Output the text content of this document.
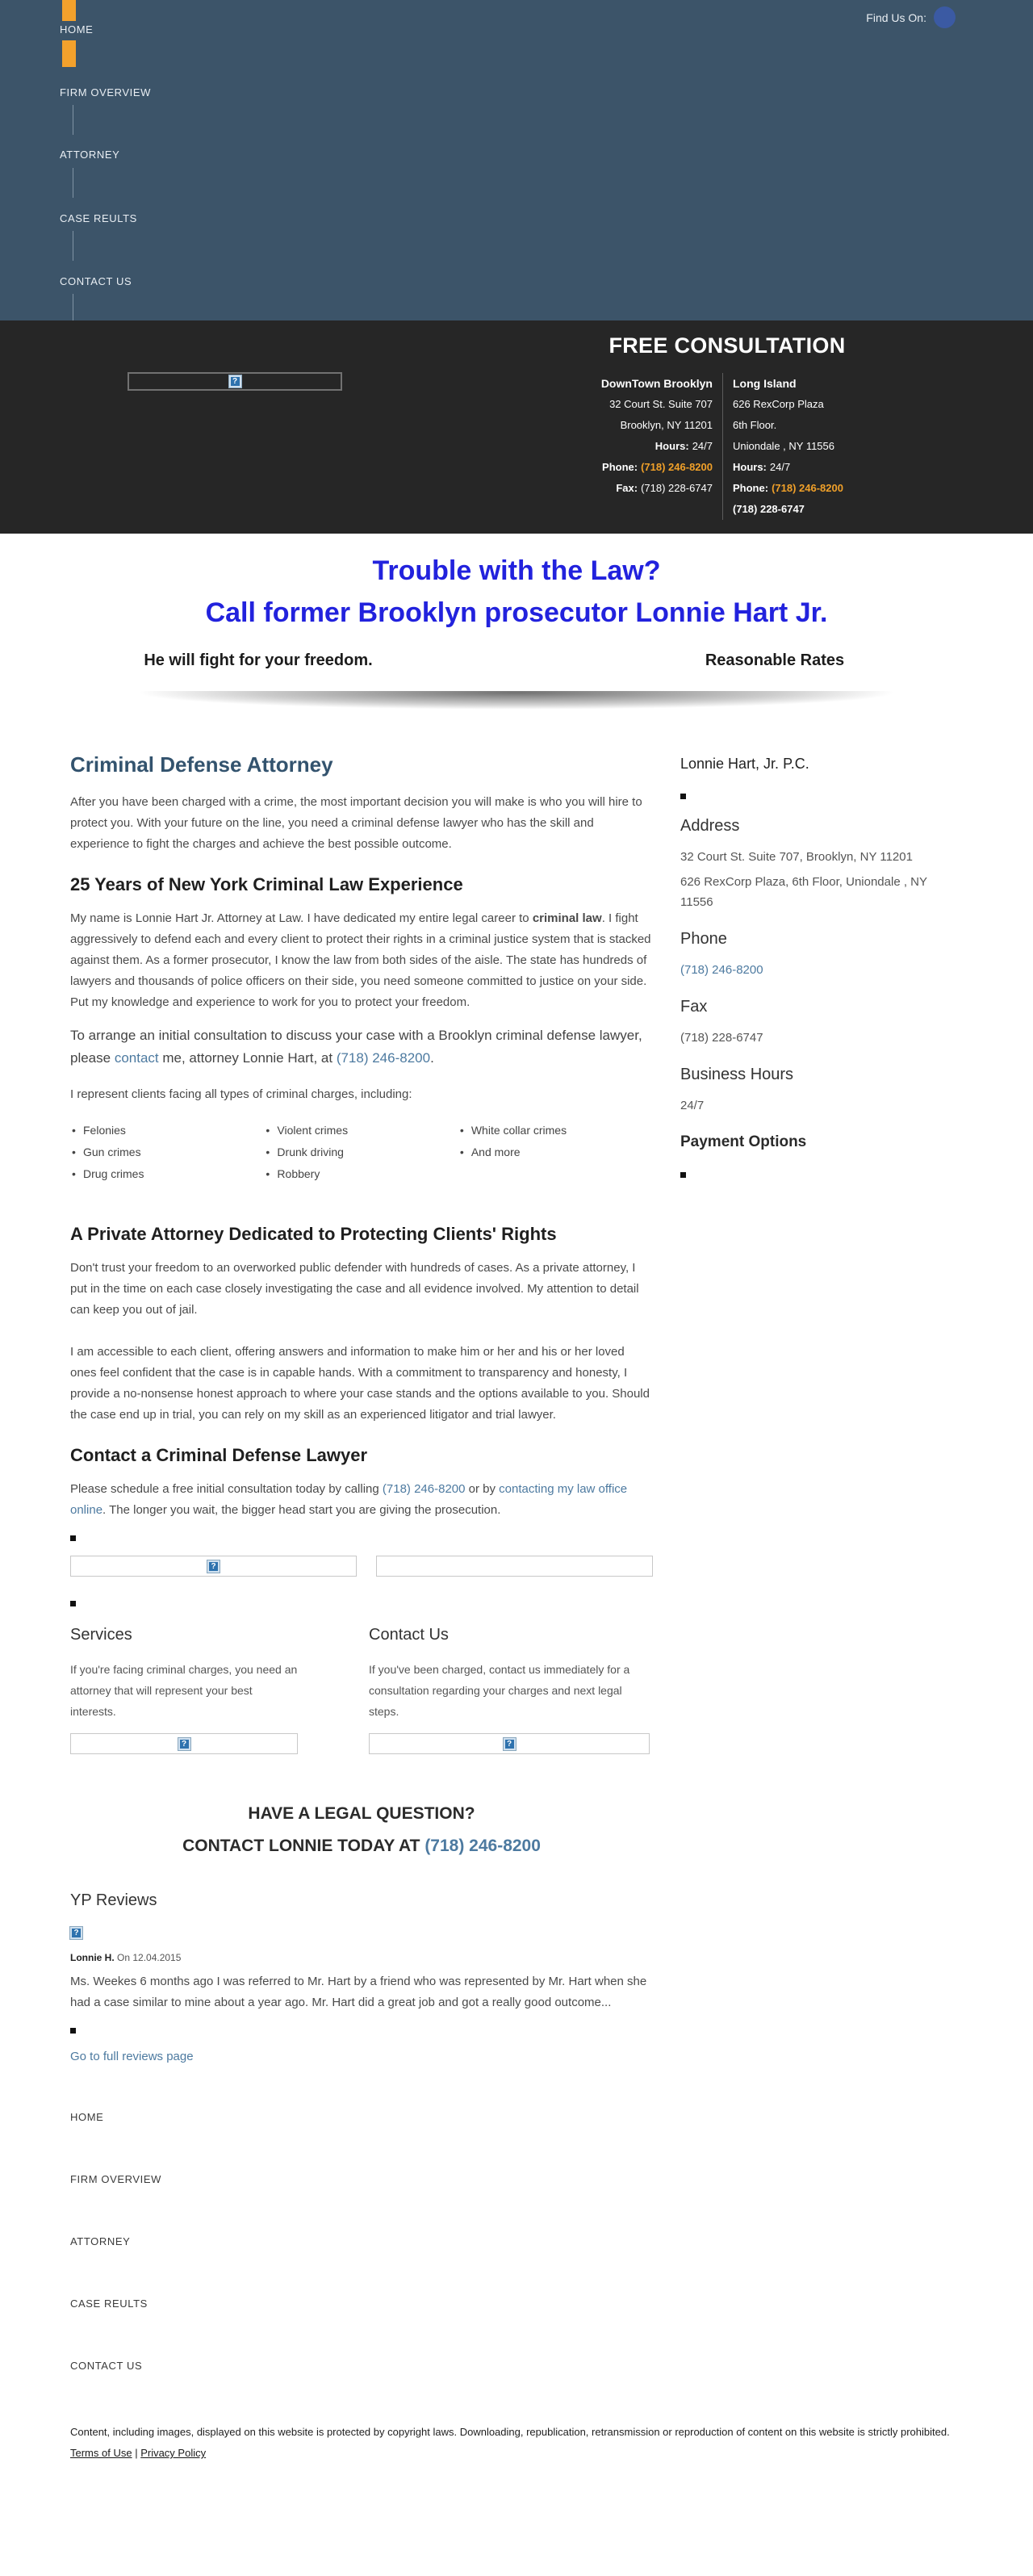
HOME
FIRM OVERVIEW
ATTORNEY
CASE REULTS
CONTACT US
Find Us On:
?
FREE CONSULTATION
DownTown Brooklyn
32 Court St. Suite 707
Brooklyn, NY 11201
Hours: 24/7
Phone: (718) 246-8200
Fax: (718) 228-6747
Long Island
626 RexCorp Plaza
6th Floor.
Uniondale , NY 11556
Hours: 24/7
Phone: (718) 246-8200
(718) 228-6747
Trouble with the Law?
Call former Brooklyn prosecutor Lonnie Hart Jr.
He will fight for your freedom.	Reasonable Rates
Criminal Defense Attorney

After you have been charged with a crime, the most important decision you will make is who you will hire to protect you. With your future on the line, you need a criminal defense lawyer who has the skill and experience to fight the charges and achieve the best possible outcome.

25 Years of New York Criminal Law Experience

My name is Lonnie Hart Jr. Attorney at Law. I have dedicated my entire legal career to criminal law. I fight aggressively to defend each and every client to protect their rights in a criminal justice system that is stacked against them. As a former prosecutor, I know the law from both sides of the aisle. The state has hundreds of lawyers and thousands of police officers on their side, you need someone committed to justice on your side. Put my knowledge and experience to work for you to protect your freedom.

To arrange an initial consultation to discuss your case with a Brooklyn criminal defense lawyer, please contact me, attorney Lonnie Hart, at (718) 246-8200.

I represent clients facing all types of criminal charges, including:

• Felonies
• Gun crimes
• Drug crimes
• Violent crimes
• Drunk driving
• Robbery
• White collar crimes
• And more
A Private Attorney Dedicated to Protecting Clients' Rights

Don't trust your freedom to an overworked public defender with hundreds of cases. As a private attorney, I put in the time on each case closely investigating the case and all evidence involved. My attention to detail can keep you out of jail.

I am accessible to each client, offering answers and information to make him or her and his or her loved ones feel confident that the case is in capable hands. With a commitment to transparency and honesty, I provide a no-nonsense honest approach to where your case stands and the options available to you. Should the case end up in trial, you can rely on my skill as an experienced litigator and trial lawyer.

Contact a Criminal Defense Lawyer

Please schedule a free initial consultation today by calling (718) 246-8200 or by contacting my law office online. The longer you wait, the bigger head start you are giving the prosecution.

?
Services

If you're facing criminal charges, you need an attorney that will represent your best interests.

?
Contact Us

If you've been charged, contact us immediately for a consultation regarding your charges and next legal steps.

?
HAVE A LEGAL QUESTION?
CONTACT LONNIE TODAY AT (718) 246-8200
YP Reviews
?
Lonnie H. On 12.04.2015

Ms. Weekes 6 months ago I was referred to Mr. Hart by a friend who was represented by Mr. Hart when she had a case similar to mine about a year ago. Mr. Hart did a great job and got a really good outcome...

Go to full reviews page
Lonnie Hart, Jr. P.C.
Address

32 Court St. Suite 707, Brooklyn, NY 11201

626 RexCorp Plaza, 6th Floor, Uniondale , NY 11556

Phone

(718) 246-8200

Fax

(718) 228-6747

Business Hours

24/7

Payment Options
HOME
FIRM OVERVIEW
ATTORNEY
CASE REULTS
CONTACT US

Content, including images, displayed on this website is protected by copyright laws. Downloading, republication, retransmission or reproduction of content on this website is strictly prohibited. Terms of Use | Privacy Policy
